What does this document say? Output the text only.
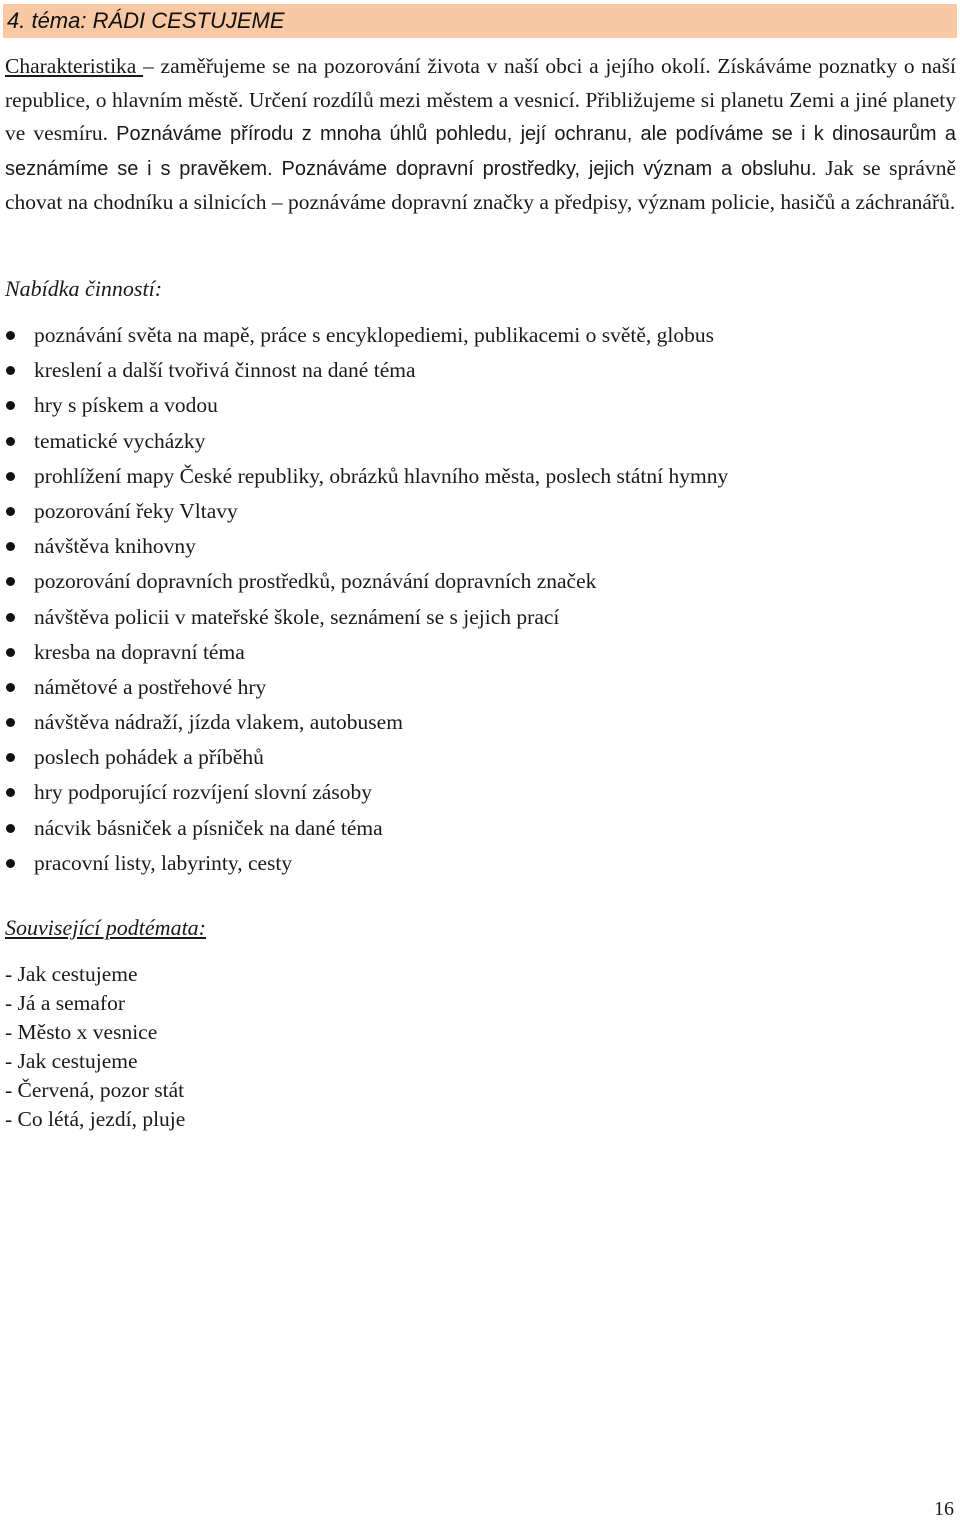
4. téma: RÁDI CESTUJEME

Charakteristika – zaměřujeme se na pozorování života v naší obci a jejího okolí. Získáváme poznatky o naší republice, o hlavním městě. Určení rozdílů mezi městem a vesnicí. Přibližujeme si planetu Zemi a jiné planety ve vesmíru. Poznáváme přírodu z mnoha úhlů pohledu, její ochranu, ale podíváme se i k dinosaurům a seznámíme se i s pravěkem. Poznáváme dopravní prostředky, jejich význam a obsluhu. Jak se správně chovat na chodníku a silnicích – poznáváme dopravní značky a předpisy, význam policie, hasičů a záchranářů.

Nabídka činností:
poznávání světa na mapě, práce s encyklopediemi, publikacemi o světě, globus
kreslení a další tvořivá činnost na dané téma
hry s pískem a vodou
tematické vycházky
prohlížení mapy České republiky, obrázků hlavního města, poslech státní hymny
pozorování řeky Vltavy
návštěva knihovny
pozorování dopravních prostředků, poznávání dopravních značek
návštěva policii v mateřské škole, seznámení se s jejich prací
kresba na dopravní téma
námětové a postřehové hry
návštěva nádraží, jízda vlakem, autobusem
poslech pohádek a příběhů
hry podporující rozvíjení slovní zásoby
nácvik básniček a písniček na dané téma
pracovní listy, labyrinty, cesty
Související podtémata:
- Jak cestujeme
- Já a semafor
- Město x vesnice
- Jak cestujeme
- Červená, pozor stát
- Co létá, jezdí, pluje
16
